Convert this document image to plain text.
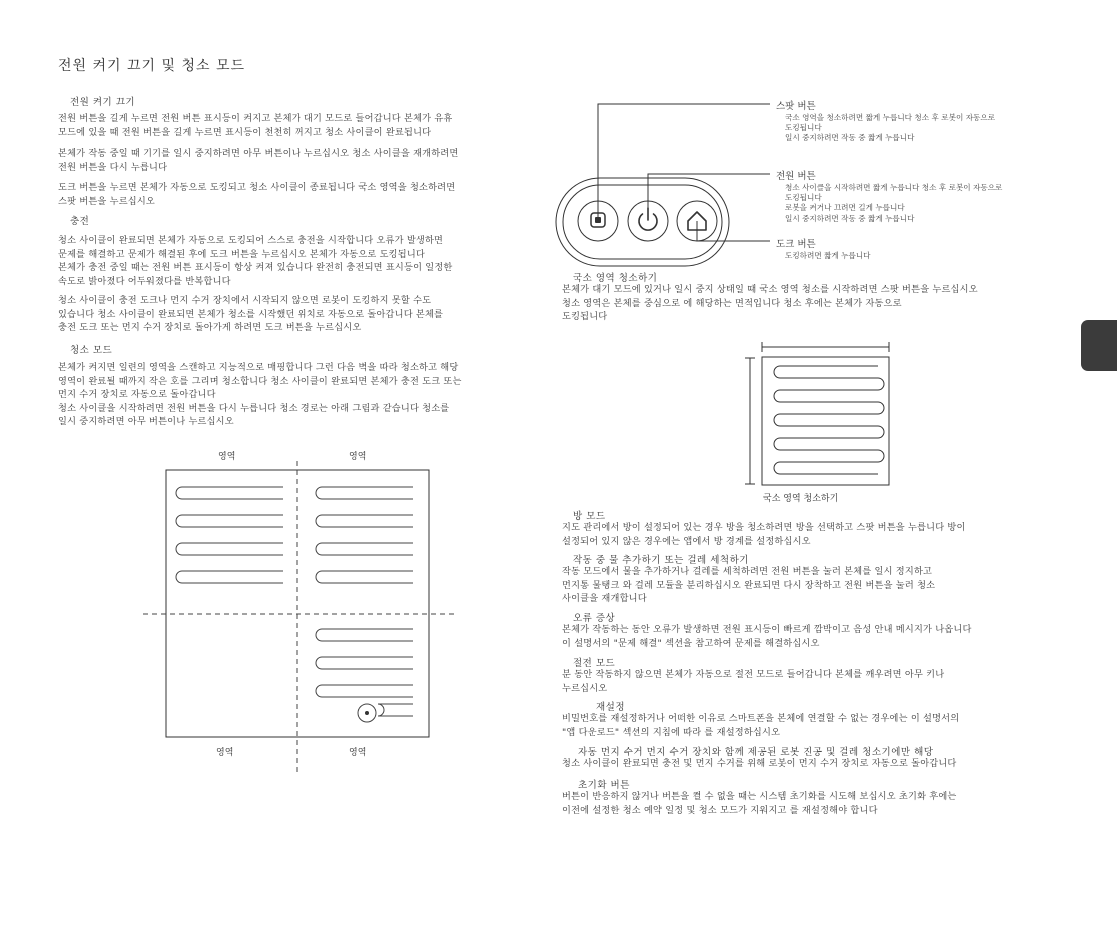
전원 켜기 끄기 및 청소 모드
전원 켜기 끄기
전원 버튼을 길게 누르면 전원 버튼 표시등이 켜지고 본체가 대기 모드로 들어갑니다 본체가 유휴
모드에 있을 때 전원 버튼을 길게 누르면 표시등이 천천히 꺼지고 청소 사이클이 완료됩니다
본체가 작동 중일 때 기기를 일시 중지하려면 아무 버튼이나 누르십시오 청소 사이클을 재개하려면
전원 버튼을 다시 누릅니다
도크 버튼을 누르면 본체가 자동으로 도킹되고 청소 사이클이 종료됩니다 국소 영역을 청소하려면
스팟 버튼을 누르십시오
충전
청소 사이클이 완료되면 본체가 자동으로 도킹되어 스스로 충전을 시작합니다 오류가 발생하면
문제를 해결하고 문제가 해결된 후에 도크 버튼을 누르십시오 본체가 자동으로 도킹됩니다
본체가 충전 중일 때는 전원 버튼 표시등이 항상 켜져 있습니다 완전히 충전되면 표시등이 일정한
속도로 밝아졌다 어두워졌다를 반복합니다
청소 사이클이 충전 도크나 먼지 수거 장치에서 시작되지 않으면 로봇이 도킹하지 못할 수도
있습니다 청소 사이클이 완료되면 본체가 청소를 시작했던 위치로 자동으로 돌아갑니다 본체를
충전 도크 또는 먼지 수거 장치로 돌아가게 하려면 도크 버튼을 누르십시오
청소 모드
본체가 켜지면 일련의 영역을 스캔하고 지능적으로 매핑합니다 그런 다음 벽을 따라 청소하고 해당
영역이 완료될 때까지 작은 호를 그리며 청소합니다 청소 사이클이 완료되면 본체가 충전 도크 또는
먼지 수거 장치로 자동으로 돌아갑니다
청소 사이클을 시작하려면 전원 버튼을 다시 누릅니다 청소 경로는 아래 그림과 같습니다 청소를
일시 중지하려면 아무 버튼이나 누르십시오
영역	영역
영역	영역
스팟 버튼
국소 영역을 청소하려면 짧게 누릅니다 청소 후 로봇이 자동으로
도킹됩니다
일시 중지하려면 작동 중 짧게 누릅니다
전원 버튼
청소 사이클을 시작하려면 짧게 누릅니다 청소 후 로봇이 자동으로
도킹됩니다
로봇을 켜거나 끄려면 길게 누릅니다
일시 중지하려면 작동 중 짧게 누릅니다
도크 버튼
도킹하려면 짧게 누릅니다
국소 영역 청소하기
본체가 대기 모드에 있거나 일시 중지 상태일 때 국소 영역 청소를 시작하려면 스팟 버튼을 누르십시오
청소 영역은 본체를 중심으로 에 해당하는 면적입니다 청소 후에는 본체가 자동으로
도킹됩니다
국소 영역 청소하기
방 모드
지도 관리에서 방이 설정되어 있는 경우 방을 청소하려면 방을 선택하고 스팟 버튼을 누릅니다 방이
설정되어 있지 않은 경우에는 앱에서 방 경계를 설정하십시오
작동 중 물 추가하기 또는 걸레 세척하기
작동 모드에서 물을 추가하거나 걸레를 세척하려면 전원 버튼을 눌러 본체를 일시 정지하고
먼지통 물탱크 와 걸레 모듈을 분리하십시오 완료되면 다시 장착하고 전원 버튼을 눌러 청소
사이클을 재개합니다
오류 증상
본체가 작동하는 동안 오류가 발생하면 전원 표시등이 빠르게 깜박이고 음성 안내 메시지가 나옵니다
이 설명서의 "문제 해결" 섹션을 참고하여 문제를 해결하십시오
절전 모드
분 동안 작동하지 않으면 본체가 자동으로 절전 모드로 들어갑니다 본체를 깨우려면 아무 키나
누르십시오
재설정
비밀번호를 재설정하거나 어떠한 이유로 스마트폰을 본체에 연결할 수 없는 경우에는 이 설명서의
"앱 다운로드" 섹션의 지침에 따라 를 재설정하십시오
자동 먼지 수거 먼지 수거 장치와 함께 제공된 로봇 진공 및 걸레 청소기에만 해당
청소 사이클이 완료되면 충전 및 먼지 수거를 위해 로봇이 먼지 수거 장치로 자동으로 돌아갑니다
초기화 버튼
버튼이 반응하지 않거나 버튼을 켤 수 없을 때는 시스템 초기화를 시도해 보십시오 초기화 후에는
이전에 설정한 청소 예약 일정 및 청소 모드가 지워지고 를 재설정해야 합니다
